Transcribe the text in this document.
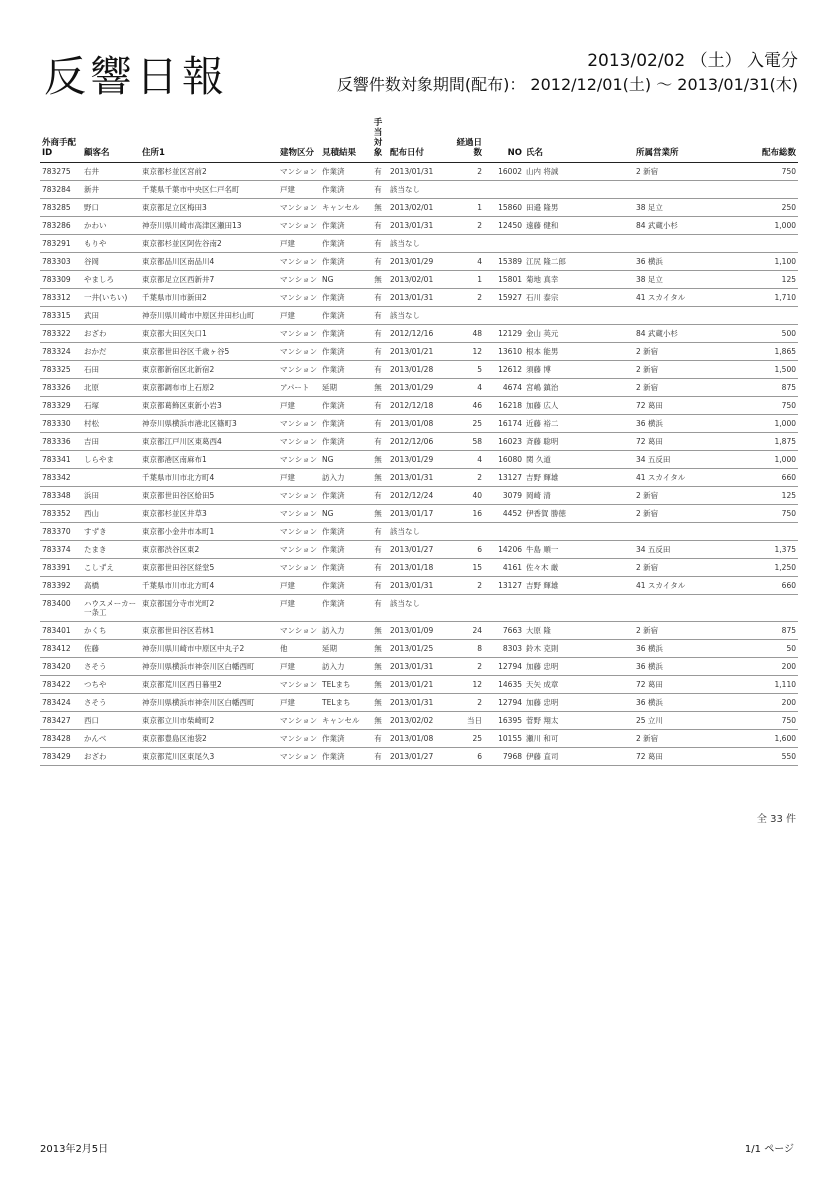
反響日報	2013/02/02 （土） 入電分
反響件数対象期間(配布)： 2012/12/01(土) ～ 2013/01/31(木)
外商手配ID	顧客名	住所1	建物区分	見積結果	手当対象	配布日付	経過日数	NO	氏名	所属営業所	配布総数
783275	右井	東京都杉並区宮前2	マンション	作業済	有	2013/01/31	2	16002	山内 将誠	2 新宿	750
783284	新井	千葉県千葉市中央区仁戸名町	戸建	作業済	有	該当なし					
783285	野口	東京都足立区梅田3	マンション	キャンセル	無	2013/02/01	1	15860	田邉 隆男	38 足立	250
783286	かわい	神奈川県川崎市高津区瀬田13	マンション	作業済	有	2013/01/31	2	12450	遠藤 健和	84 武蔵小杉	1,000
783291	もりや	東京都杉並区阿佐谷南2	戸建	作業済	有	該当なし					
783303	谷岡	東京都品川区南品川4	マンション	作業済	有	2013/01/29	4	15389	江尻 隆二郎	36 横浜	1,100
783309	やましろ	東京都足立区西新井7	マンション	NG	無	2013/02/01	1	15801	菊地 真幸	38 足立	125
783312	一井(いちい)	千葉県市川市新田2	マンション	作業済	有	2013/01/31	2	15927	石川 泰宗	41 スカイタル	1,710
783315	武田	神奈川県川崎市中原区井田杉山町	戸建	作業済	有	該当なし					
783322	おざわ	東京都大田区矢口1	マンション	作業済	有	2012/12/16	48	12129	金山 英元	84 武蔵小杉	500
783324	おかだ	東京都世田谷区千歳ヶ谷5	マンション	作業済	有	2013/01/21	12	13610	根本 能男	2 新宿	1,865
783325	石田	東京都新宿区北新宿2	マンション	作業済	有	2013/01/28	5	12612	須藤 博	2 新宿	1,500
783326	北原	東京都調布市上石原2	アパート	延期	無	2013/01/29	4	4674	宮嶋 鎮治	2 新宿	875
783329	石塚	東京都葛飾区東新小岩3	戸建	作業済	有	2012/12/18	46	16218	加藤 広人	72 葛田	750
783330	村松	神奈川県横浜市港北区篠町3	マンション	作業済	有	2013/01/08	25	16174	近藤 裕二	36 横浜	1,000
783336	吉田	東京都江戸川区東葛西4	マンション	作業済	有	2012/12/06	58	16023	斉藤 聡明	72 葛田	1,875
783341	しらやま	東京都港区南麻布1	マンション	NG	無	2013/01/29	4	16080	関 久道	34 五反田	1,000
783342		千葉県市川市北方町4	戸建	訪入力	無	2013/01/31	2	13127	吉野 輝雄	41 スカイタル	660
783348	浜田	東京都世田谷区給田5	マンション	作業済	有	2012/12/24	40	3079	岡崎 清	2 新宿	125
783352	西山	東京都杉並区井草3	マンション	NG	無	2013/01/17	16	4452	伊香賀 勝徳	2 新宿	750
783370	すずき	東京都小金井市本町1	マンション	作業済	有	該当なし					
783374	たまき	東京都渋谷区東2	マンション	作業済	有	2013/01/27	6	14206	牛島 順一	34 五反田	1,375
783391	こしずえ	東京都世田谷区経堂5	マンション	作業済	有	2013/01/18	15	4161	佐々木 厳	2 新宿	1,250
783392	高橋	千葉県市川市北方町4	戸建	作業済	有	2013/01/31	2	13127	吉野 輝雄	41 スカイタル	660
783400	ハウスメーカー一条工	東京都国分寺市光町2	戸建	作業済	有	該当なし					
783401	かくち	東京都世田谷区若林1	マンション	訪入力	無	2013/01/09	24	7663	大原 隆	2 新宿	875
783412	佐藤	神奈川県川崎市中原区中丸子2	他	延期	無	2013/01/25	8	8303	鈴木 克則	36 横浜	50
783420	さそう	神奈川県横浜市神奈川区白幡西町	戸建	訪入力	無	2013/01/31	2	12794	加藤 忠明	36 横浜	200
783422	つちや	東京都荒川区西日暮里2	マンション	TELまち	無	2013/01/21	12	14635	天矢 成章	72 葛田	1,110
783424	さそう	神奈川県横浜市神奈川区白幡西町	戸建	TELまち	無	2013/01/31	2	12794	加藤 忠明	36 横浜	200
783427	西口	東京都立川市柴崎町2	マンション	キャンセル	無	2013/02/02	当日	16395	菅野 翔太	25 立川	750
783428	かんべ	東京都豊島区池袋2	マンション	作業済	有	2013/01/08	25	10155	瀬川 和可	2 新宿	1,600
783429	おざわ	東京都荒川区東尾久3	マンション	作業済	有	2013/01/27	6	7968	伊藤 直司	72 葛田	550
全 33 件
2013年2月5日	1/1 ページ
